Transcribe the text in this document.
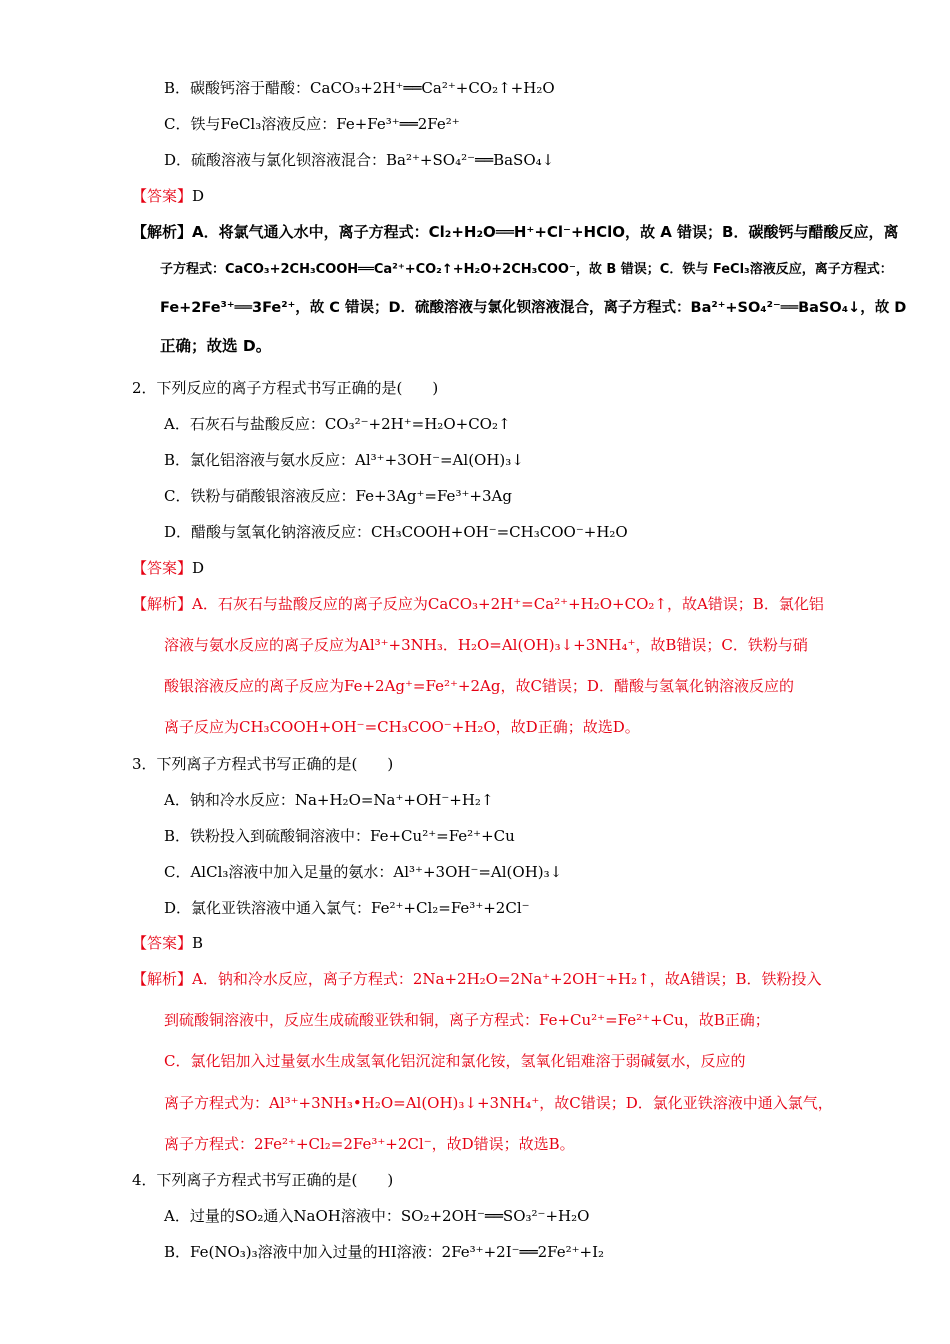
B．碳酸钙溶于醋酸：CaCO₃+2H⁺══Ca²⁺+CO₂↑+H₂O
C．铁与FeCl₃溶液反应：Fe+Fe³⁺══2Fe²⁺
D．硫酸溶液与氯化钡溶液混合：Ba²⁺+SO₄²⁻══BaSO₄↓
【答案】D
【解析】A．将氯气通入水中，离子方程式：Cl₂+H₂O══H⁺+Cl⁻+HClO，故 A 错误；B．碳酸钙与醋酸反应，离
子方程式：CaCO₃+2CH₃COOH══Ca²⁺+CO₂↑+H₂O+2CH₃COO⁻，故 B 错误；C．铁与 FeCl₃溶液反应，离子方程式：
Fe+2Fe³⁺══3Fe²⁺，故 C 错误；D．硫酸溶液与氯化钡溶液混合，离子方程式：Ba²⁺+SO₄²⁻══BaSO₄↓，故 D
正确；故选 D。
2．下列反应的离子方程式书写正确的是(　　)
A．石灰石与盐酸反应：CO₃²⁻+2H⁺=H₂O+CO₂↑
B．氯化铝溶液与氨水反应：Al³⁺+3OH⁻=Al(OH)₃↓
C．铁粉与硝酸银溶液反应：Fe+3Ag⁺=Fe³⁺+3Ag
D．醋酸与氢氧化钠溶液反应：CH₃COOH+OH⁻=CH₃COO⁻+H₂O
【答案】D
【解析】A．石灰石与盐酸反应的离子反应为CaCO₃+2H⁺=Ca²⁺+H₂O+CO₂↑，故A错误；B．氯化铝
溶液与氨水反应的离子反应为Al³⁺+3NH₃．H₂O=Al(OH)₃↓+3NH₄⁺，故B错误；C．铁粉与硝
酸银溶液反应的离子反应为Fe+2Ag⁺=Fe²⁺+2Ag，故C错误；D．醋酸与氢氧化钠溶液反应的
离子反应为CH₃COOH+OH⁻=CH₃COO⁻+H₂O，故D正确；故选D。
3．下列离子方程式书写正确的是(　　)
A．钠和冷水反应：Na+H₂O=Na⁺+OH⁻+H₂↑
B．铁粉投入到硫酸铜溶液中：Fe+Cu²⁺=Fe²⁺+Cu
C．AlCl₃溶液中加入足量的氨水：Al³⁺+3OH⁻=Al(OH)₃↓
D．氯化亚铁溶液中通入氯气：Fe²⁺+Cl₂=Fe³⁺+2Cl⁻
【答案】B
【解析】A．钠和冷水反应，离子方程式：2Na+2H₂O=2Na⁺+2OH⁻+H₂↑，故A错误；B．铁粉投入
到硫酸铜溶液中，反应生成硫酸亚铁和铜，离子方程式：Fe+Cu²⁺=Fe²⁺+Cu，故B正确；
C．氯化铝加入过量氨水生成氢氧化铝沉淀和氯化铵，氢氧化铝难溶于弱碱氨水，反应的
离子方程式为：Al³⁺+3NH₃•H₂O=Al(OH)₃↓+3NH₄⁺，故C错误；D．氯化亚铁溶液中通入氯气，
离子方程式：2Fe²⁺+Cl₂=2Fe³⁺+2Cl⁻，故D错误；故选B。
4．下列离子方程式书写正确的是(　　)
A．过量的SO₂通入NaOH溶液中：SO₂+2OH⁻══SO₃²⁻+H₂O
B．Fe(NO₃)₃溶液中加入过量的HI溶液：2Fe³⁺+2I⁻══2Fe²⁺+I₂
